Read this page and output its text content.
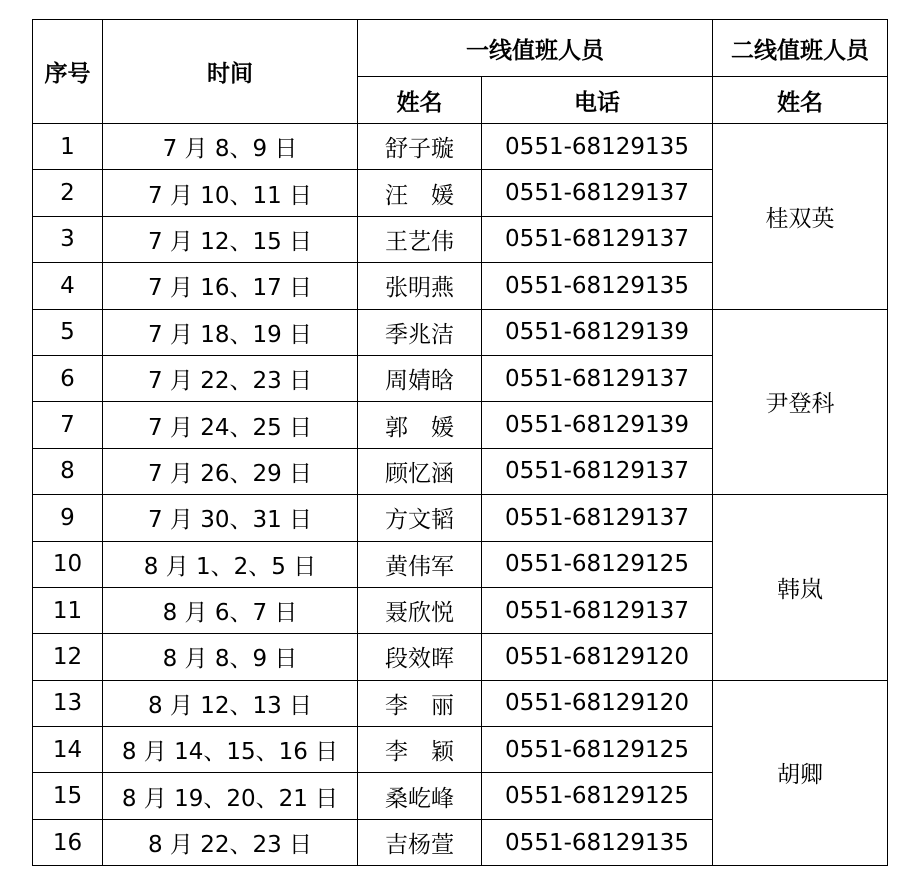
序号	时间	一线值班人员		二线值班人员
		姓名	电话	姓名
1	7 月 8、9 日	舒子璇	0551-68129135	桂双英
2	7 月 10、11 日	汪　媛	0551-68129137	
3	7 月 12、15 日	王艺伟	0551-68129137	
4	7 月 16、17 日	张明燕	0551-68129135	
5	7 月 18、19 日	季兆洁	0551-68129139	尹登科
6	7 月 22、23 日	周婧晗	0551-68129137	
7	7 月 24、25 日	郭　媛	0551-68129139	
8	7 月 26、29 日	顾忆涵	0551-68129137	
9	7 月 30、31 日	方文韬	0551-68129137	韩岚
10	8 月 1、2、5 日	黄伟军	0551-68129125	
11	8 月 6、7 日	聂欣悦	0551-68129137	
12	8 月 8、9 日	段效晖	0551-68129120	
13	8 月 12、13 日	李　丽	0551-68129120	胡卿
14	8 月 14、15、16 日	李　颖	0551-68129125	
15	8 月 19、20、21 日	桑屹峰	0551-68129125	
16	8 月 22、23 日	吉杨萱	0551-68129135	
